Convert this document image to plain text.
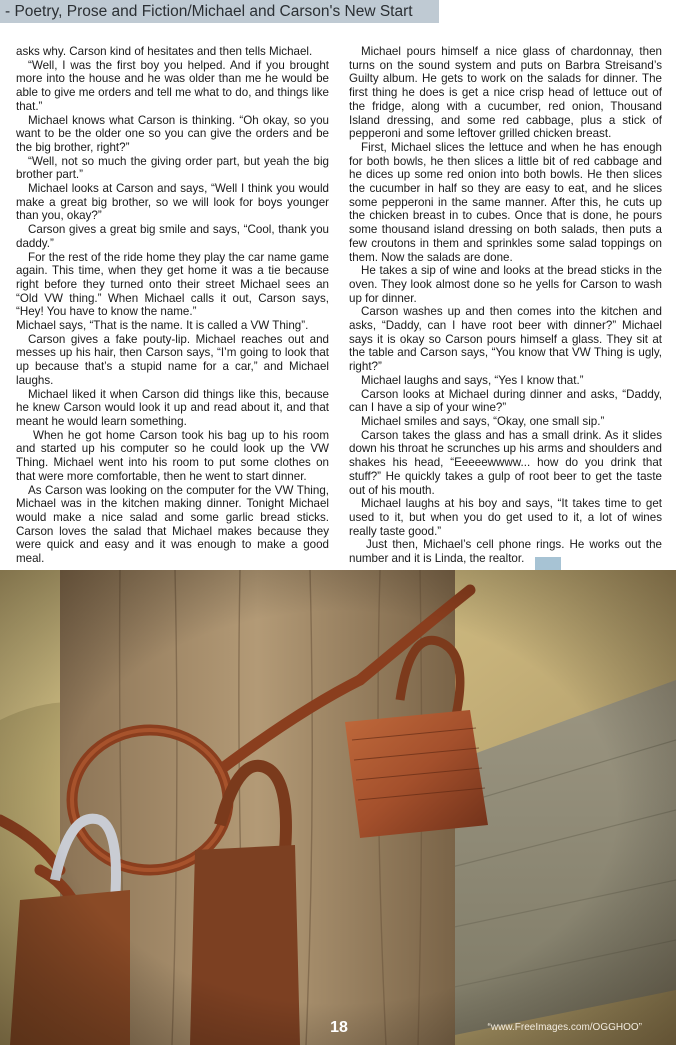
- Poetry, Prose and Fiction/Michael and Carson's New Start

asks why. Carson kind of hesitates and then tells Michael.

“Well, I was the first boy you helped. And if you brought more into the house and he was older than me he would be able to give me orders and tell me what to do, and things like that.”

Michael knows what Carson is thinking. “Oh okay, so you want to be the older one so you can give the orders and be the big brother, right?”

“Well, not so much the giving order part, but yeah the big brother part.”

Michael looks at Carson and says, “Well I think you would make a great big brother, so we will look for boys younger than you, okay?”

Carson gives a great big smile and says, “Cool, thank you daddy.”

For the rest of the ride home they play the car name game again. This time, when they get home it was a tie because right before they turned onto their street Michael sees an “Old VW thing.” When Michael calls it out, Carson says, “Hey! You have to know the name.”

Michael says, “That is the name. It is called a VW Thing”.

Carson gives a fake pouty-lip. Michael reaches out and messes up his hair, then Carson says, “I’m going to look that up because that’s a stupid name for a car,” and Michael laughs.

Michael liked it when Carson did things like this, because he knew Carson would look it up and read about it, and that meant he would learn something.

When he got home Carson took his bag up to his room and started up his computer so he could look up the VW Thing. Michael went into his room to put some clothes on that were more comfortable, then he went to start dinner.

As Carson was looking on the computer for the VW Thing, Michael was in the kitchen making dinner. Tonight Michael would make a nice salad and some garlic bread sticks. Carson loves the salad that Michael makes because they were quick and easy and it was enough to make a good meal.

Michael pours himself a nice glass of chardonnay, then turns on the sound system and puts on Barbra Streisand’s Guilty album. He gets to work on the salads for dinner. The first thing he does is get a nice crisp head of lettuce out of the fridge, along with a cucumber, red onion, Thousand Island dressing, and some red cabbage, plus a stick of pepperoni and some leftover grilled chicken breast.

First, Michael slices the lettuce and when he has enough for both bowls, he then slices a little bit of red cabbage and he dices up some red onion into both bowls. He then slices the cucumber in half so they are easy to eat, and he slices some pepperoni in the same manner. After this, he cuts up the chicken breast in to cubes. Once that is done, he pours some thousand island dressing on both salads, then puts a few croutons in them and sprinkles some salad toppings on them. Now the salads are done.

He takes a sip of wine and looks at the bread sticks in the oven. They look almost done so he yells for Carson to wash up for dinner.

Carson washes up and then comes into the kitchen and asks, “Daddy, can I have root beer with dinner?” Michael says it is okay so Carson pours himself a glass. They sit at the table and Carson says, “You know that VW Thing is ugly, right?”

Michael laughs and says, “Yes I know that.”

Carson looks at Michael during dinner and asks, “Daddy, can I have a sip of your wine?”

Michael smiles and says, “Okay, one small sip.”

Carson takes the glass and has a small drink. As it slides down his throat he scrunches up his arms and shoulders and shakes his head, “Eeeeewwww... how do you drink that stuff?” He quickly takes a gulp of root beer to get the taste out of his mouth.

Michael laughs at his boy and says, “It takes time to get used to it, but when you do get used to it, a lot of wines really taste good.”

Just then, Michael’s cell phone rings. He works out the number and it is Linda, the realtor.

18	“www.FreeImages.com/OGGHOO”
